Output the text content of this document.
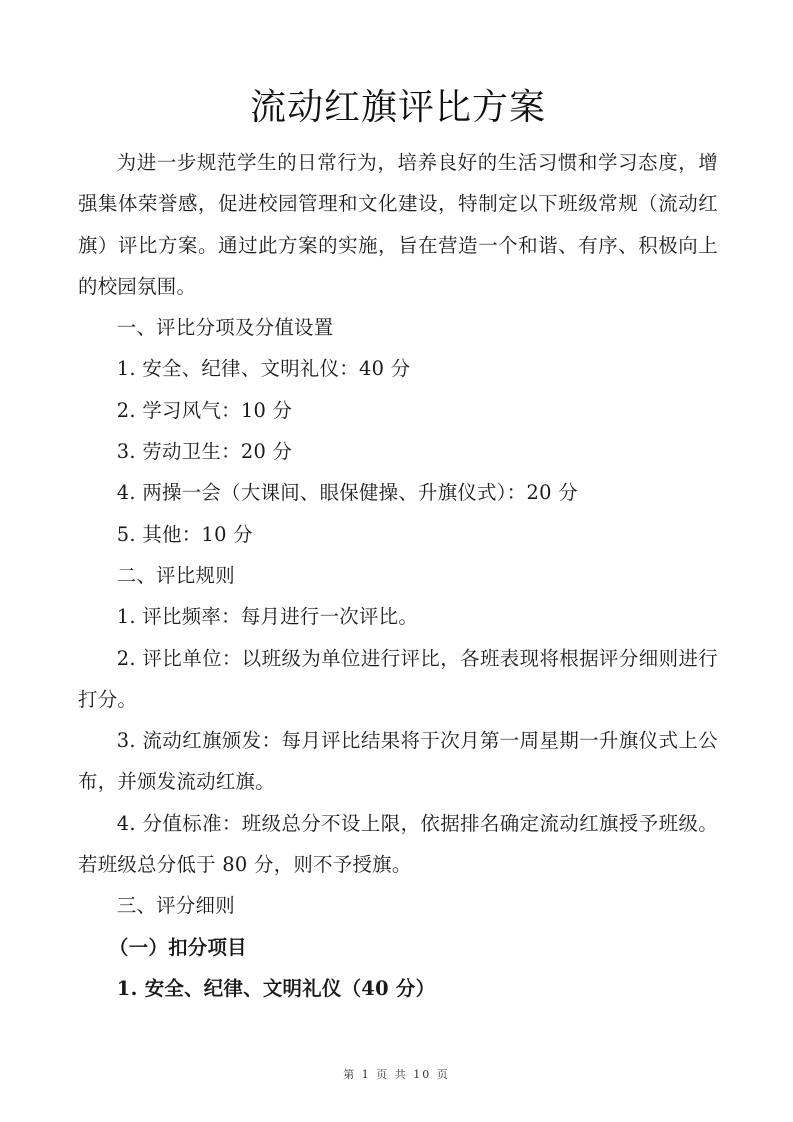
流动红旗评比方案

为进一步规范学生的日常行为，培养良好的生活习惯和学习态度，增强集体荣誉感，促进校园管理和文化建设，特制定以下班级常规（流动红旗）评比方案。通过此方案的实施，旨在营造一个和谐、有序、积极向上的校园氛围。

一、评比分项及分值设置

1. 安全、纪律、文明礼仪：40 分

2. 学习风气：10 分

3. 劳动卫生：20 分

4. 两操一会（大课间、眼保健操、升旗仪式）：20 分

5. 其他：10 分

二、评比规则

1. 评比频率：每月进行一次评比。

2. 评比单位：以班级为单位进行评比，各班表现将根据评分细则进行打分。

3. 流动红旗颁发：每月评比结果将于次月第一周星期一升旗仪式上公布，并颁发流动红旗。

4. 分值标准：班级总分不设上限，依据排名确定流动红旗授予班级。若班级总分低于 80 分，则不予授旗。

三、评分细则

（一）扣分项目

1. 安全、纪律、文明礼仪（40 分）

第 1 页 共 10 页
